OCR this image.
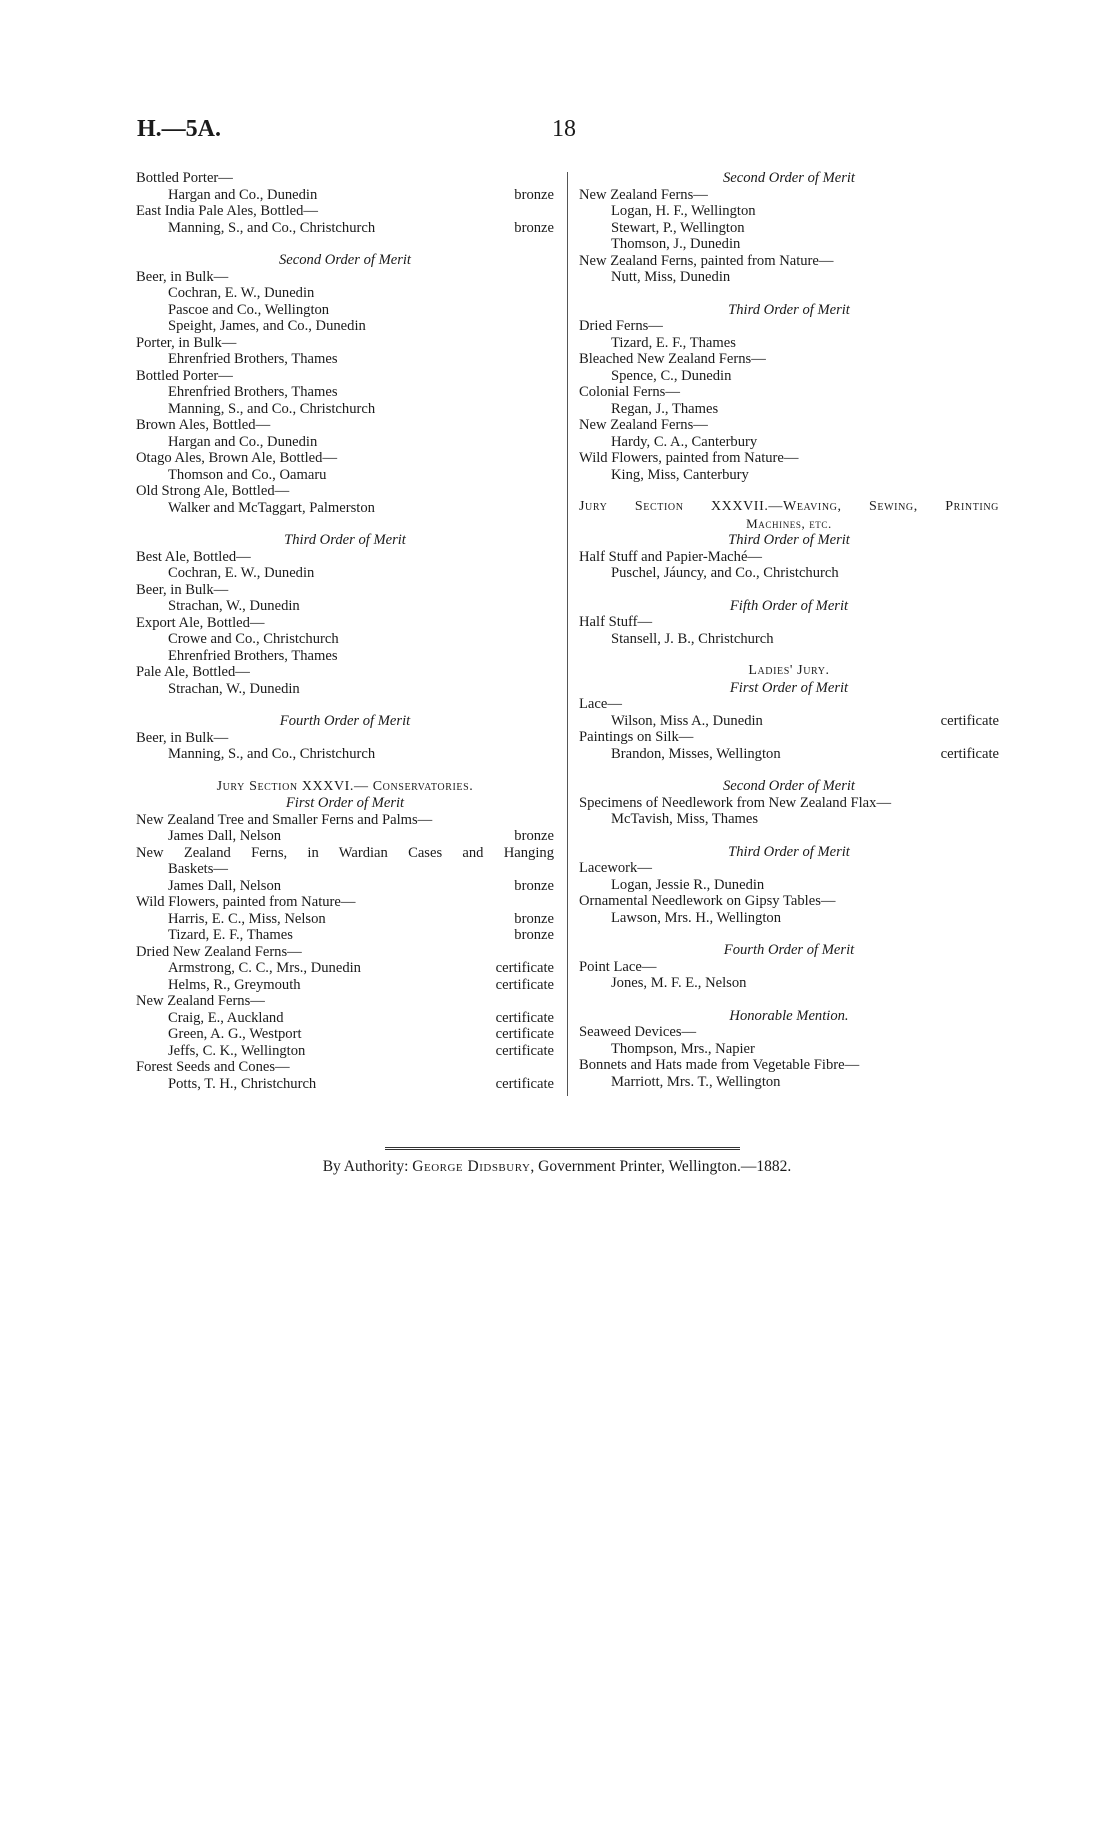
H.—5A.	18
Bottled Porter—
Hargan and Co., Dunedin	bronze
East India Pale Ales, Bottled—
Manning, S., and Co., Christchurch	bronze
Second Order of Merit
Beer, in Bulk—
Cochran, E. W., Dunedin
Pascoe and Co., Wellington
Speight, James, and Co., Dunedin
Porter, in Bulk—
Ehrenfried Brothers, Thames
Bottled Porter—
Ehrenfried Brothers, Thames
Manning, S., and Co., Christchurch
Brown Ales, Bottled—
Hargan and Co., Dunedin
Otago Ales, Brown Ale, Bottled—
Thomson and Co., Oamaru
Old Strong Ale, Bottled—
Walker and McTaggart, Palmerston
Third Order of Merit
Best Ale, Bottled—
Cochran, E. W., Dunedin
Beer, in Bulk—
Strachan, W., Dunedin
Export Ale, Bottled—
Crowe and Co., Christchurch
Ehrenfried Brothers, Thames
Pale Ale, Bottled—
Strachan, W., Dunedin
Fourth Order of Merit
Beer, in Bulk—
Manning, S., and Co., Christchurch
Jury Section XXXVI.— Conservatories.
First Order of Merit
New Zealand Tree and Smaller Ferns and Palms—
James Dall, Nelson	bronze
New Zealand Ferns, in Wardian Cases and Hanging
Baskets—
James Dall, Nelson	bronze
Wild Flowers, painted from Nature—
Harris, E. C., Miss, Nelson	bronze
Tizard, E. F., Thames	bronze
Dried New Zealand Ferns—
Armstrong, C. C., Mrs., Dunedin	certificate
Helms, R., Greymouth	certificate
New Zealand Ferns—
Craig, E., Auckland	certificate
Green, A. G., Westport	certificate
Jeffs, C. K., Wellington	certificate
Forest Seeds and Cones—
Potts, T. H., Christchurch	certificate
Second Order of Merit
New Zealand Ferns—
Logan, H. F., Wellington
Stewart, P., Wellington
Thomson, J., Dunedin
New Zealand Ferns, painted from Nature—
Nutt, Miss, Dunedin
Third Order of Merit
Dried Ferns—
Tizard, E. F., Thames
Bleached New Zealand Ferns—
Spence, C., Dunedin
Colonial Ferns—
Regan, J., Thames
New Zealand Ferns—
Hardy, C. A., Canterbury
Wild Flowers, painted from Nature—
King, Miss, Canterbury
Jury Section XXXVII.—Weaving, Sewing, Printing
Machines, etc.
Third Order of Merit
Half Stuff and Papier-Maché—
Puschel, Jáuncy, and Co., Christchurch
Fifth Order of Merit
Half Stuff—
Stansell, J. B., Christchurch
Ladies' Jury.
First Order of Merit
Lace—
Wilson, Miss A., Dunedin	certificate
Paintings on Silk—
Brandon, Misses, Wellington	certificate
Second Order of Merit
Specimens of Needlework from New Zealand Flax—
McTavish, Miss, Thames
Third Order of Merit
Lacework—
Logan, Jessie R., Dunedin
Ornamental Needlework on Gipsy Tables—
Lawson, Mrs. H., Wellington
Fourth Order of Merit
Point Lace—
Jones, M. F. E., Nelson
Honorable Mention.
Seaweed Devices—
Thompson, Mrs., Napier
Bonnets and Hats made from Vegetable Fibre—
Marriott, Mrs. T., Wellington
By Authority: George Didsbury, Government Printer, Wellington.—1882.
